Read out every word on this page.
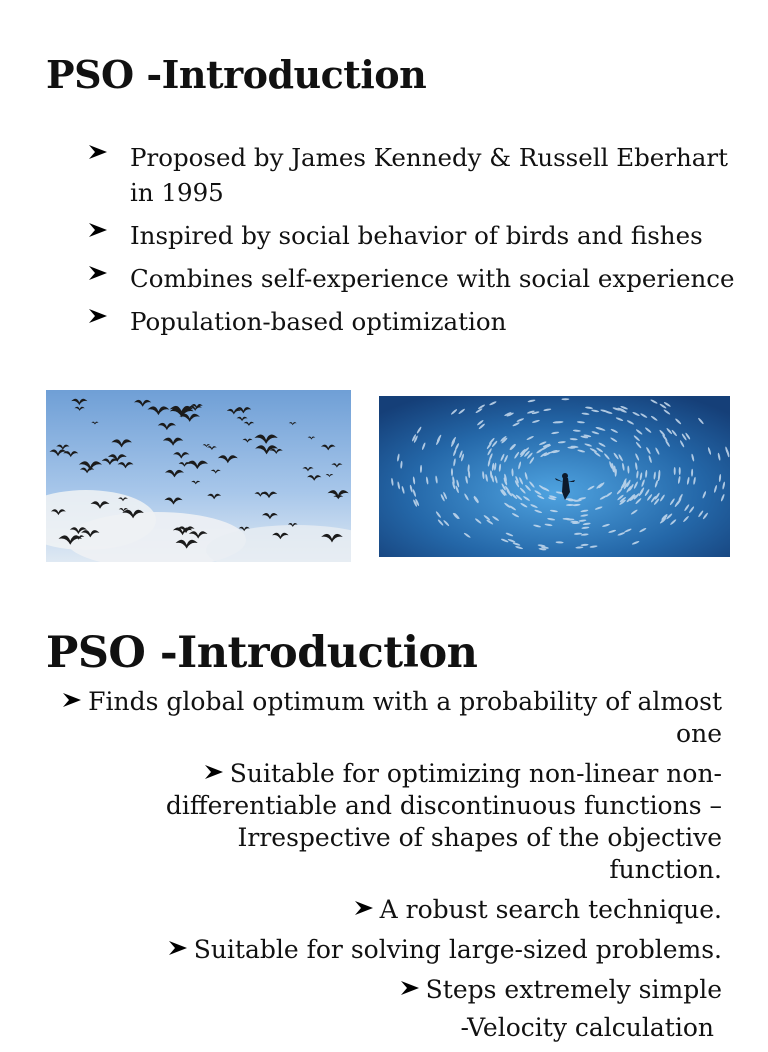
PSO -Introduction
Proposed by James Kennedy & Russell Eberhart in 1995
Inspired by social behavior of birds and fishes
Combines self-experience with social experience
Population-based optimization
PSO -Introduction
Finds global optimum with a probability of almost one
Suitable for optimizing non-linear non-differentiable and discontinuous functions – Irrespective of shapes of the objective function.
A robust search technique.
Suitable for solving large-sized problems.
Steps extremely simple
-Velocity calculation
